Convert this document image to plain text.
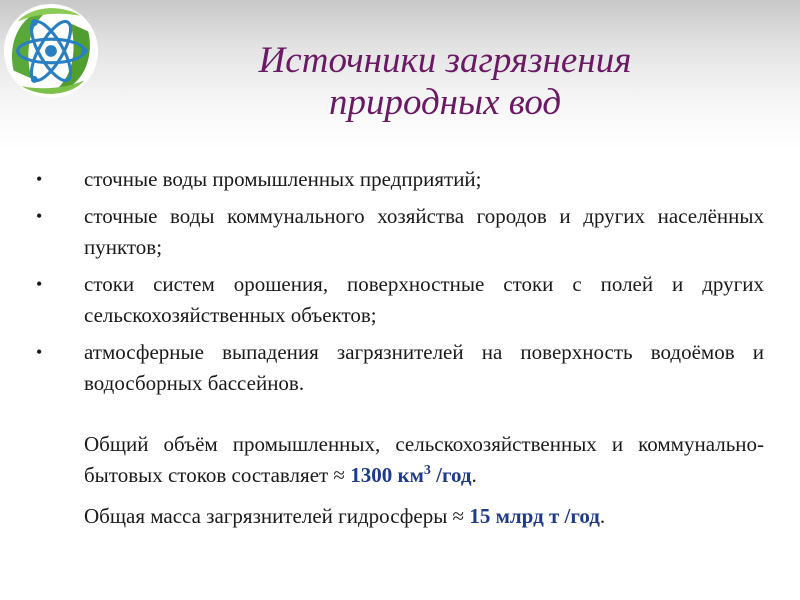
Источники загрязнения
природных вод
• сточные воды промышленных предприятий;
• сточные воды коммунального хозяйства городов и других населённых пунктов;
• стоки систем орошения, поверхностные стоки с полей и других сельскохозяйственных объектов;
• атмосферные выпадения загрязнителей на поверхность водоёмов и водосборных бассейнов.

Общий объём промышленных, сельскохозяйственных и коммунально-бытовых стоков составляет ≈ 1300 $км^3$ /год.

Общая масса загрязнителей гидросферы ≈ 15 млрд т /год.
